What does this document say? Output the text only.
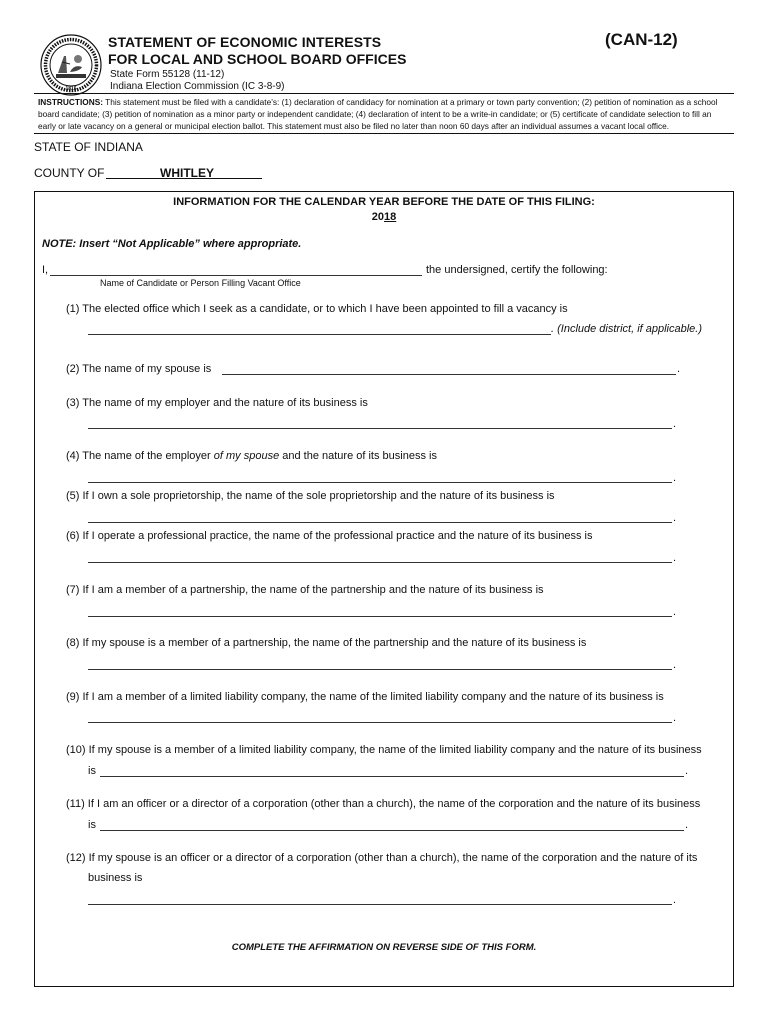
1816
STATEMENT OF ECONOMIC INTERESTS
FOR LOCAL AND SCHOOL BOARD OFFICES
(CAN-12)
State Form 55128 (11-12)
Indiana Election Commission (IC 3-8-9)
INSTRUCTIONS: This statement must be filed with a candidate’s: (1) declaration of candidacy for nomination at a primary or town party convention; (2) petition of nomination as a school board candidate; (3) petition of nomination as a minor party or independent candidate; (4) declaration of intent to be a write-in candidate; or (5) certificate of candidate selection to fill an early or late vacancy on a general or municipal election ballot. This statement must also be filed no later than noon 60 days after an individual assumes a vacant local office.
STATE OF INDIANA
COUNTY OF	WHITLEY
INFORMATION FOR THE CALENDAR YEAR BEFORE THE DATE OF THIS FILING:
2018
NOTE: Insert “Not Applicable” where appropriate.
I,	the undersigned, certify the following:
Name of Candidate or Person Filling Vacant Office
(1) The elected office which I seek as a candidate, or to which I have been appointed to fill a vacancy is
. (Include district, if applicable.)
(2) The name of my spouse is	.
(3) The name of my employer and the nature of its business is
.
(4) The name of the employer of my spouse and the nature of its business is
.
(5) If I own a sole proprietorship, the name of the sole proprietorship and the nature of its business is
.
(6) If I operate a professional practice, the name of the professional practice and the nature of its business is
.
(7) If I am a member of a partnership, the name of the partnership and the nature of its business is
.
(8) If my spouse is a member of a partnership, the name of the partnership and the nature of its business is
.
(9) If I am a member of a limited liability company, the name of the limited liability company and the nature of its business is
.
(10) If my spouse is a member of a limited liability company, the name of the limited liability company and the nature of its business
is	.
(11) If I am an officer or a director of a corporation (other than a church), the name of the corporation and the nature of its business
is	.
(12) If my spouse is an officer or a director of a corporation (other than a church), the name of the corporation and the nature of its
business is
.
COMPLETE THE AFFIRMATION ON REVERSE SIDE OF THIS FORM.
